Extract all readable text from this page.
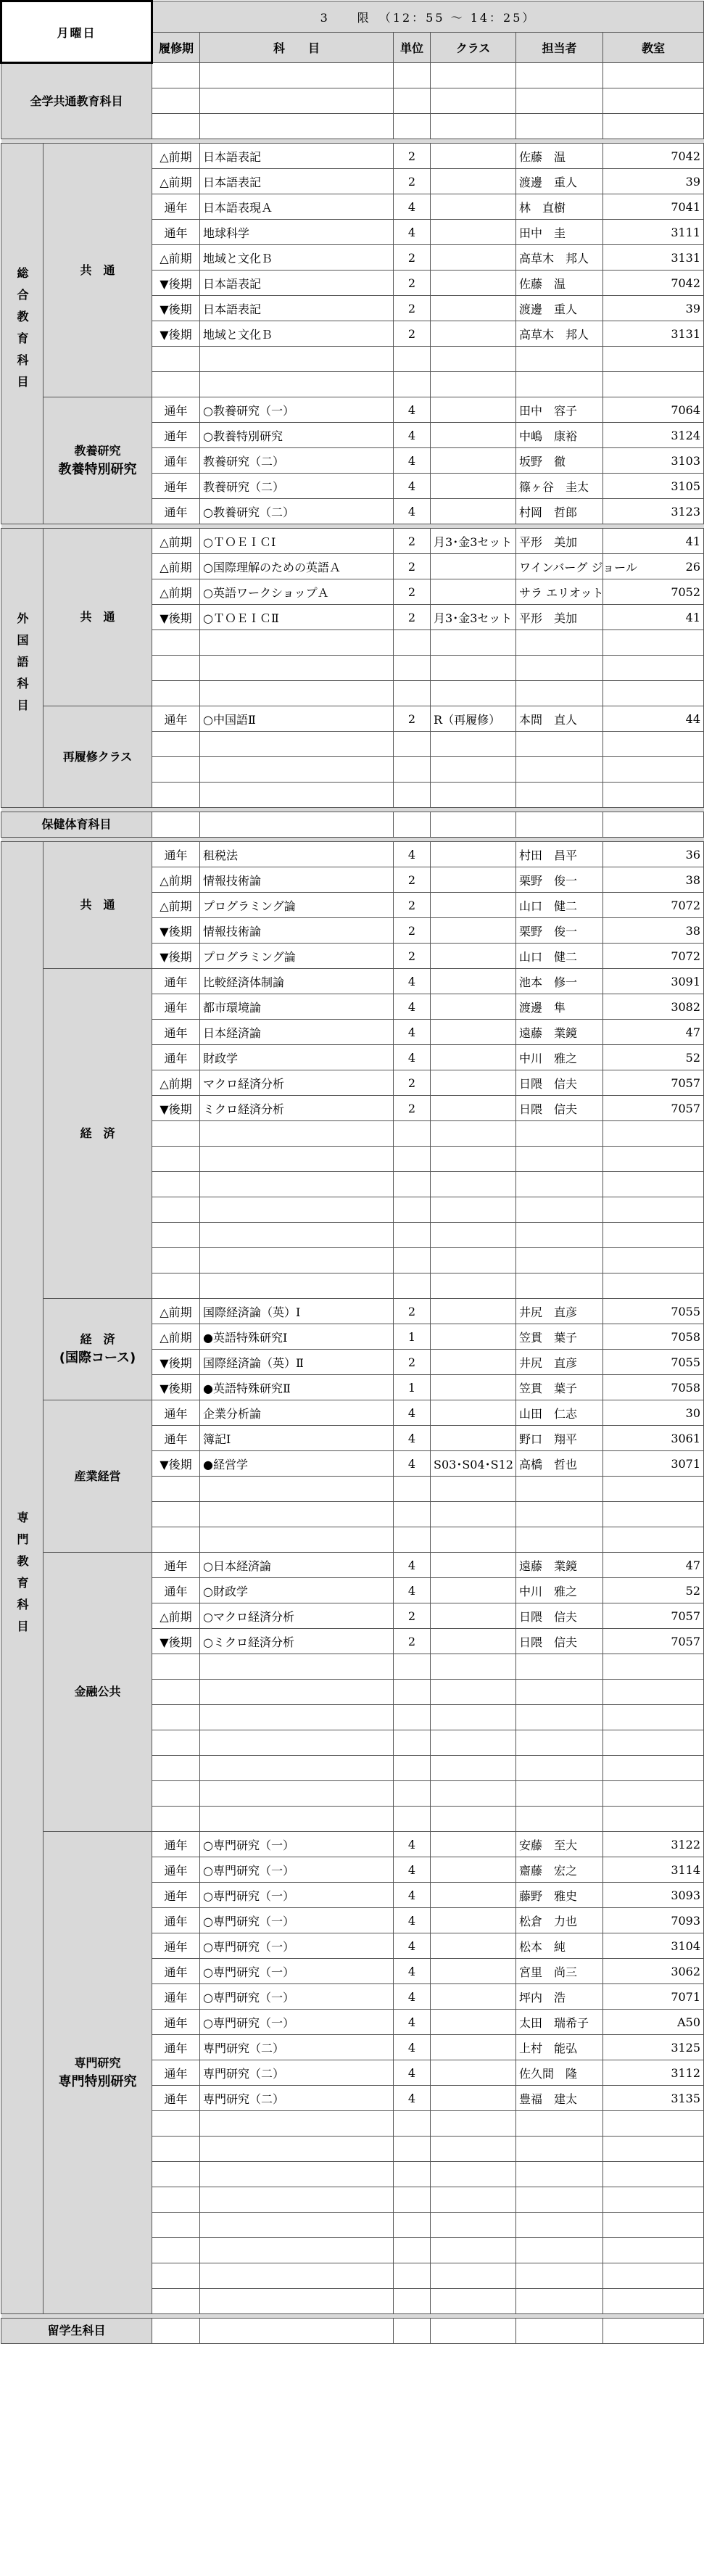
月曜日		3　　限　（12：55 ～ 14：25）					
		履修期	科　　目	単位	クラス	担当者	教室
全学共通教育科目							

総合教育科目	共　通	△前期	日本語表記	2		佐藤　温	7042
		△前期	日本語表記	2		渡邊　重人	39
		通年	日本語表現Ａ	4		林　直樹	7041
		通年	地球科学	4		田中　圭	3111
		△前期	地域と文化Ｂ	2		高草木　邦人	3131
		▼後期	日本語表記	2		佐藤　温	7042
		▼後期	日本語表記	2		渡邊　重人	39
		▼後期	地域と文化Ｂ	2		高草木　邦人	3131

	教養研究
教養特別研究	通年	○教養研究（一）	4		田中　容子	7064
		通年	○教養特別研究	4		中嶋　康裕	3124
		通年	教養研究（二）	4		坂野　徹	3103
		通年	教養研究（二）	4		篠ヶ谷　圭太	3105
		通年	○教養研究（二）	4		村岡　哲郎	3123

外国語科目	共　通	△前期	○ＴＯＥＩＣⅠ	2	月3･金3セット	平形　美加	41
		△前期	○国際理解のための英語Ａ	2		ワインバーグ ジョール	26
		△前期	○英語ワークショップＡ	2		サラ エリオット	7052
		▼後期	○ＴＯＥＩＣⅡ	2	月3･金3セット	平形　美加	41

	再履修クラス	通年	○中国語Ⅱ	2	R（再履修）	本間　直人	44

保健体育科目							

専門教育科目	共　通	通年	租税法	4		村田　昌平	36
		△前期	情報技術論	2		栗野　俊一	38
		△前期	プログラミング論	2		山口　健二	7072
		▼後期	情報技術論	2		栗野　俊一	38
		▼後期	プログラミング論	2		山口　健二	7072

	経　済	通年	比較経済体制論	4		池本　修一	3091
		通年	都市環境論	4		渡邊　隼	3082
		通年	日本経済論	4		遠藤　業鏡	47
		通年	財政学	4		中川　雅之	52
		△前期	マクロ経済分析	2		日隈　信夫	7057
		▼後期	ミクロ経済分析	2		日隈　信夫	7057

	経　済
(国際コース)	△前期	国際経済論（英）Ⅰ	2		井尻　直彦	7055
		△前期	●英語特殊研究Ⅰ	1		笠貫　葉子	7058
		▼後期	国際経済論（英）Ⅱ	2		井尻　直彦	7055
		▼後期	●英語特殊研究Ⅱ	1		笠貫　葉子	7058

	産業経営	通年	企業分析論	4		山田　仁志	30
		通年	簿記Ⅰ	4		野口　翔平	3061
		▼後期	●経営学	4	S03･S04･S12	高橋　哲也	3071

	金融公共	通年	○日本経済論	4		遠藤　業鏡	47
		通年	○財政学	4		中川　雅之	52
		△前期	○マクロ経済分析	2		日隈　信夫	7057
		▼後期	○ミクロ経済分析	2		日隈　信夫	7057

	専門研究
専門特別研究	通年	○専門研究（一）	4		安藤　至大	3122
		通年	○専門研究（一）	4		齋藤　宏之	3114
		通年	○専門研究（一）	4		藤野　雅史	3093
		通年	○専門研究（一）	4		松倉　力也	7093
		通年	○専門研究（一）	4		松本　純	3104
		通年	○専門研究（一）	4		宮里　尚三	3062
		通年	○専門研究（一）	4		坪内　浩	7071
		通年	○専門研究（一）	4		太田　瑞希子	A50
		通年	専門研究（二）	4		上村　能弘	3125
		通年	専門研究（二）	4		佐久間　隆	3112
		通年	専門研究（二）	4		豊福　建太	3135

留学生科目							
